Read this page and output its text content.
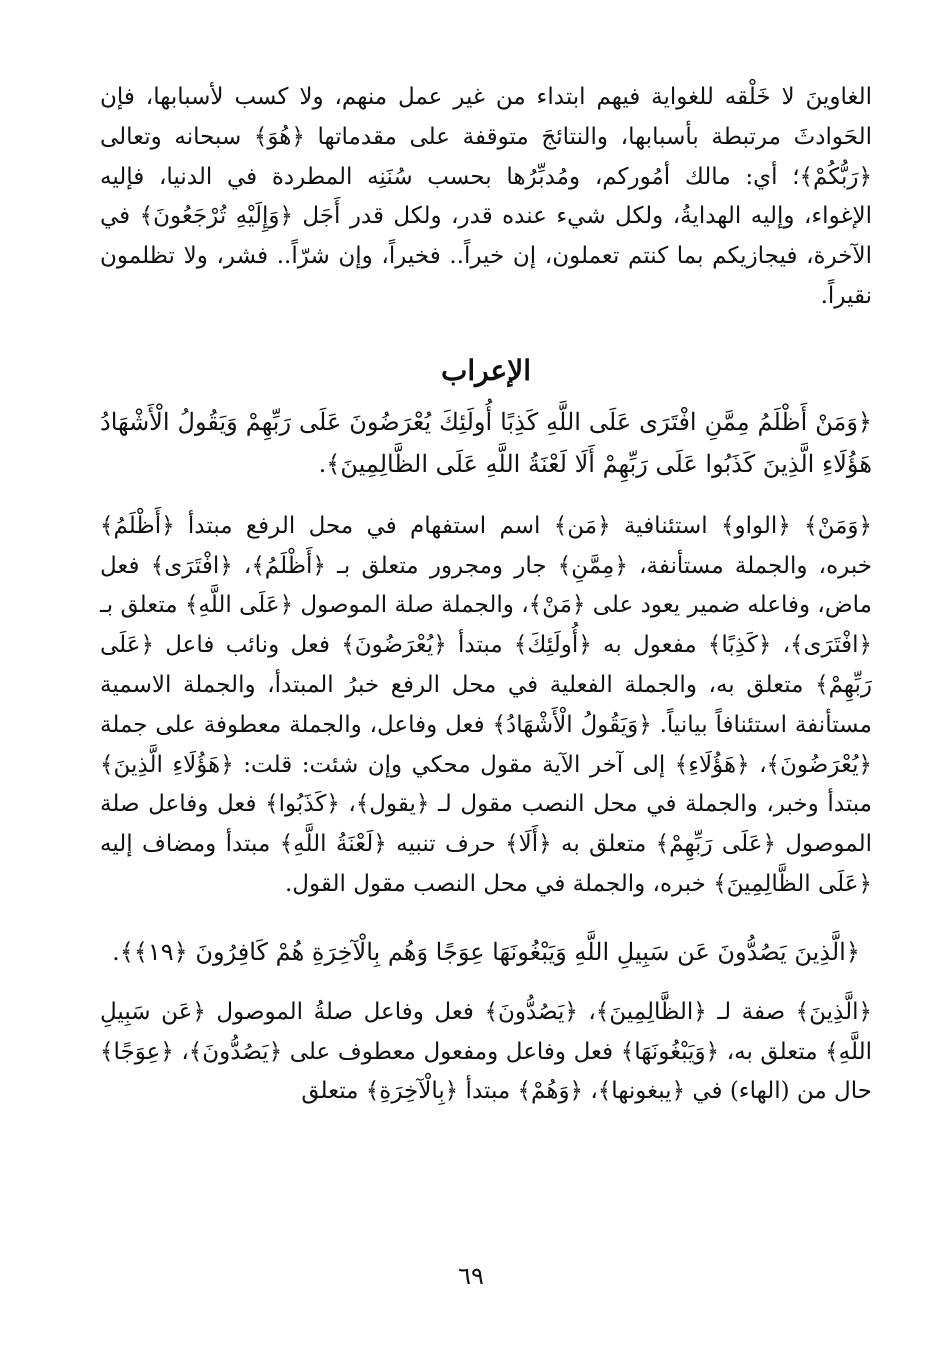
الغاوينَ لا خَلْقه للغواية فيهم ابتداء من غير عمل منهم، ولا كسب لأسبابها، فإن الحَوادثَ مرتبطة بأسبابها، والنتائجَ متوقفة على مقدماتها ﴿هُوَ﴾ سبحانه وتعالى ﴿رَبُّكُمْ﴾؛ أي: مالك أمُوركم، ومُدبِّرُها بحسب سُنَنِه المطردة في الدنيا، فإليه الإغواء، وإليه الهدايةُ، ولكل شيء عنده قدر، ولكل قدر أَجَل ﴿وَإِلَيْهِ تُرْجَعُونَ﴾ في الآخرة، فيجازيكم بما كنتم تعملون، إن خيراً.. فخيراً، وإن شرّاً.. فشر، ولا تظلمون نقيراً.

الإعراب

﴿وَمَنْ أَظْلَمُ مِمَّنِ افْتَرَى عَلَى اللَّهِ كَذِبًا أُولَئِكَ يُعْرَضُونَ عَلَى رَبِّهِمْ وَيَقُولُ الْأَشْهَادُ هَؤُلَاءِ الَّذِينَ كَذَبُوا عَلَى رَبِّهِمْ أَلَا لَعْنَةُ اللَّهِ عَلَى الظَّالِمِينَ﴾.

﴿وَمَنْ﴾ ﴿الواو﴾ استئنافية ﴿مَن﴾ اسم استفهام في محل الرفع مبتدأ ﴿أَظْلَمُ﴾ خبره، والجملة مستأنفة، ﴿مِمَّنِ﴾ جار ومجرور متعلق بـ ﴿أَظْلَمُ﴾، ﴿افْتَرَى﴾ فعل ماض، وفاعله ضمير يعود على ﴿مَنْ﴾، والجملة صلة الموصول ﴿عَلَى اللَّهِ﴾ متعلق بـ ﴿افْتَرَى﴾، ﴿كَذِبًا﴾ مفعول به ﴿أُولَئِكَ﴾ مبتدأ ﴿يُعْرَضُونَ﴾ فعل ونائب فاعل ﴿عَلَى رَبِّهِمْ﴾ متعلق به، والجملة الفعلية في محل الرفع خبرُ المبتدأ، والجملة الاسمية مستأنفة استئنافاً بيانياً. ﴿وَيَقُولُ الْأَشْهَادُ﴾ فعل وفاعل، والجملة معطوفة على جملة ﴿يُعْرَضُونَ﴾، ﴿هَؤُلَاءِ﴾ إلى آخر الآية مقول محكي وإن شئت: قلت: ﴿هَؤُلَاءِ الَّذِينَ﴾ مبتدأ وخبر، والجملة في محل النصب مقول لـ ﴿يقول﴾، ﴿كَذَبُوا﴾ فعل وفاعل صلة الموصول ﴿عَلَى رَبِّهِمْ﴾ متعلق به ﴿أَلَا﴾ حرف تنبيه ﴿لَعْنَةُ اللَّهِ﴾ مبتدأ ومضاف إليه ﴿عَلَى الظَّالِمِينَ﴾ خبره، والجملة في محل النصب مقول القول.

﴿الَّذِينَ يَصُدُّونَ عَن سَبِيلِ اللَّهِ وَيَبْغُونَهَا عِوَجًا وَهُم بِالْآخِرَةِ هُمْ كَافِرُونَ ﴿١٩﴾﴾.

﴿الَّذِينَ﴾ صفة لـ ﴿الظَّالِمِينَ﴾، ﴿يَصُدُّونَ﴾ فعل وفاعل صلةُ الموصول ﴿عَن سَبِيلِ اللَّهِ﴾ متعلق به، ﴿وَيَبْغُونَهَا﴾ فعل وفاعل ومفعول معطوف على ﴿يَصُدُّونَ﴾، ﴿عِوَجًا﴾ حال من (الهاء) في ﴿يبغونها﴾، ﴿وَهُمْ﴾ مبتدأ ﴿بِالْآخِرَةِ﴾ متعلق

٦٩
